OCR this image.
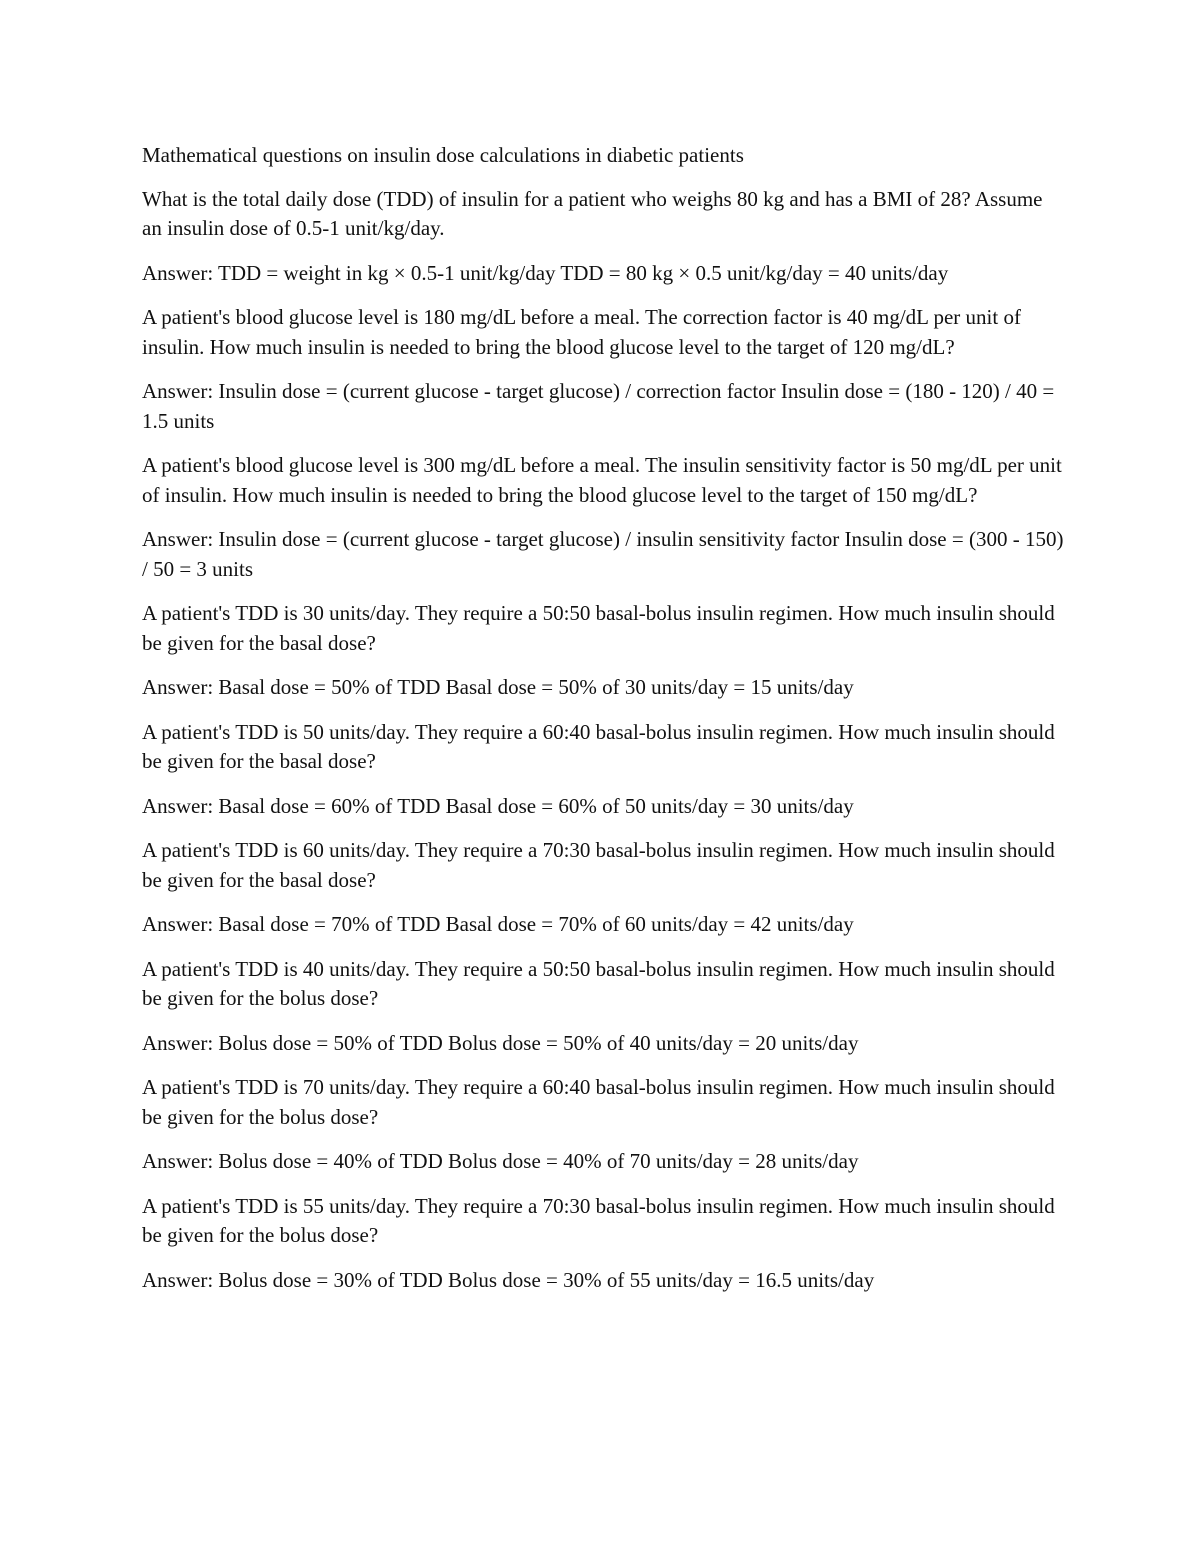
Mathematical questions on insulin dose calculations in diabetic patients

What is the total daily dose (TDD) of insulin for a patient who weighs 80 kg and has a BMI of 28? Assume an insulin dose of 0.5-1 unit/kg/day.

Answer: TDD = weight in kg × 0.5-1 unit/kg/day TDD = 80 kg × 0.5 unit/kg/day = 40 units/day

A patient's blood glucose level is 180 mg/dL before a meal. The correction factor is 40 mg/dL per unit of insulin. How much insulin is needed to bring the blood glucose level to the target of 120 mg/dL?

Answer: Insulin dose = (current glucose - target glucose) / correction factor Insulin dose = (180 - 120) / 40 = 1.5 units

A patient's blood glucose level is 300 mg/dL before a meal. The insulin sensitivity factor is 50 mg/dL per unit of insulin. How much insulin is needed to bring the blood glucose level to the target of 150 mg/dL?

Answer: Insulin dose = (current glucose - target glucose) / insulin sensitivity factor Insulin dose = (300 - 150) / 50 = 3 units

A patient's TDD is 30 units/day. They require a 50:50 basal-bolus insulin regimen. How much insulin should be given for the basal dose?

Answer: Basal dose = 50% of TDD Basal dose = 50% of 30 units/day = 15 units/day

A patient's TDD is 50 units/day. They require a 60:40 basal-bolus insulin regimen. How much insulin should be given for the basal dose?

Answer: Basal dose = 60% of TDD Basal dose = 60% of 50 units/day = 30 units/day

A patient's TDD is 60 units/day. They require a 70:30 basal-bolus insulin regimen. How much insulin should be given for the basal dose?

Answer: Basal dose = 70% of TDD Basal dose = 70% of 60 units/day = 42 units/day

A patient's TDD is 40 units/day. They require a 50:50 basal-bolus insulin regimen. How much insulin should be given for the bolus dose?

Answer: Bolus dose = 50% of TDD Bolus dose = 50% of 40 units/day = 20 units/day

A patient's TDD is 70 units/day. They require a 60:40 basal-bolus insulin regimen. How much insulin should be given for the bolus dose?

Answer: Bolus dose = 40% of TDD Bolus dose = 40% of 70 units/day = 28 units/day

A patient's TDD is 55 units/day. They require a 70:30 basal-bolus insulin regimen. How much insulin should be given for the bolus dose?

Answer: Bolus dose = 30% of TDD Bolus dose = 30% of 55 units/day = 16.5 units/day
